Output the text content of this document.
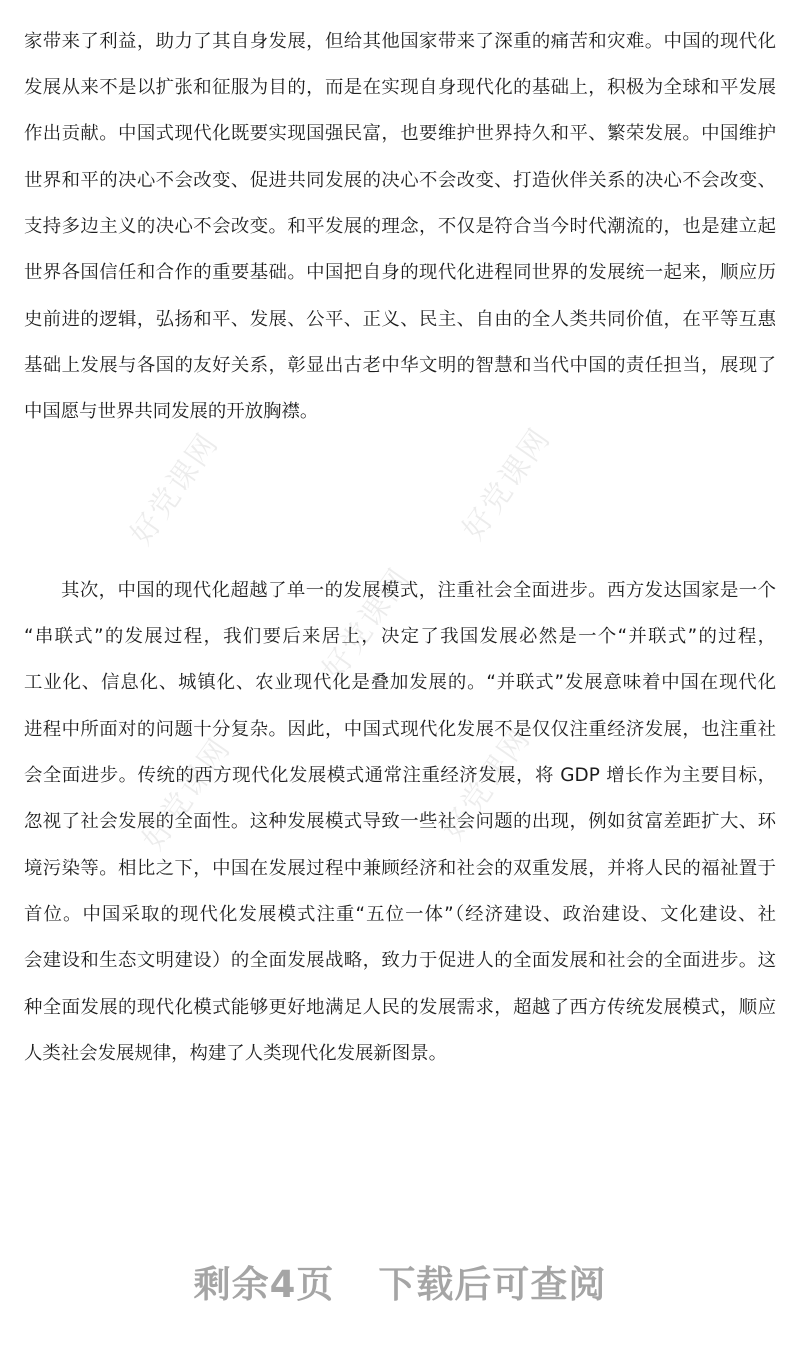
好党课网	好党课网
好党课网
好党课网	好党课网
家带来了利益，助力了其自身发展，但给其他国家带来了深重的痛苦和灾难。中国的现代化
发展从来不是以扩张和征服为目的，而是在实现自身现代化的基础上，积极为全球和平发展
作出贡献。中国式现代化既要实现国强民富，也要维护世界持久和平、繁荣发展。中国维护
世界和平的决心不会改变、促进共同发展的决心不会改变、打造伙伴关系的决心不会改变、
支持多边主义的决心不会改变。和平发展的理念，不仅是符合当今时代潮流的，也是建立起
世界各国信任和合作的重要基础。中国把自身的现代化进程同世界的发展统一起来，顺应历
史前进的逻辑，弘扬和平、发展、公平、正义、民主、自由的全人类共同价值，在平等互惠
基础上发展与各国的友好关系，彰显出古老中华文明的智慧和当代中国的责任担当，展现了
中国愿与世界共同发展的开放胸襟。
其次，中国的现代化超越了单一的发展模式，注重社会全面进步。西方发达国家是一个
“串联式”的发展过程，我们要后来居上，决定了我国发展必然是一个“并联式”的过程，
工业化、信息化、城镇化、农业现代化是叠加发展的。“并联式”发展意味着中国在现代化
进程中所面对的问题十分复杂。因此，中国式现代化发展不是仅仅注重经济发展，也注重社
会全面进步。传统的西方现代化发展模式通常注重经济发展，将 GDP 增长作为主要目标，
忽视了社会发展的全面性。这种发展模式导致一些社会问题的出现，例如贫富差距扩大、环
境污染等。相比之下，中国在发展过程中兼顾经济和社会的双重发展，并将人民的福祉置于
首位。中国采取的现代化发展模式注重“五位一体”（经济建设、政治建设、文化建设、社
会建设和生态文明建设）的全面发展战略，致力于促进人的全面发展和社会的全面进步。这
种全面发展的现代化模式能够更好地满足人民的发展需求，超越了西方传统发展模式，顺应
人类社会发展规律，构建了人类现代化发展新图景。
剩余4页 下载后可查阅
